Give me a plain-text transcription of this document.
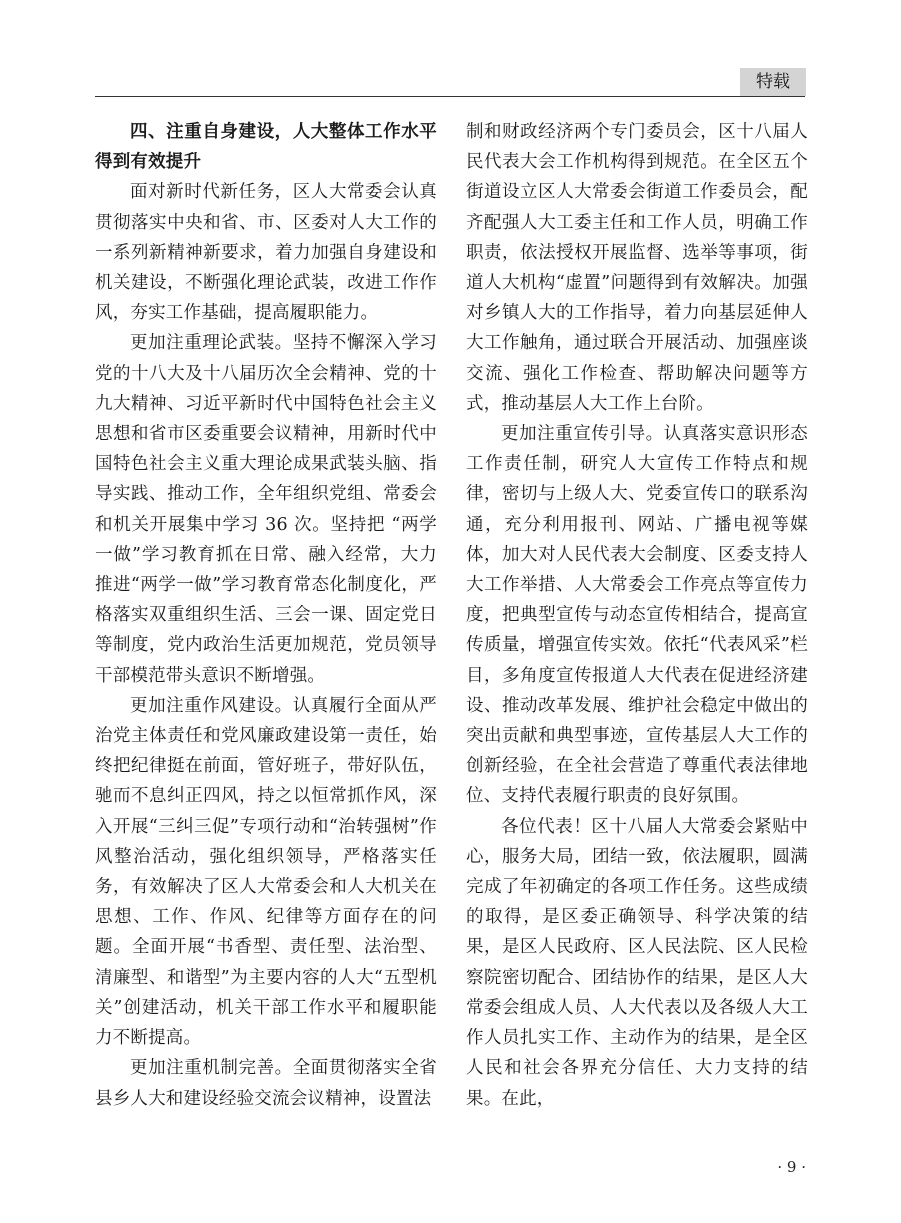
特载
四、注重自身建设，人大整体工作水平得到有效提升

面对新时代新任务，区人大常委会认真贯彻落实中央和省、市、区委对人大工作的一系列新精神新要求，着力加强自身建设和机关建设，不断强化理论武装，改进工作作风，夯实工作基础，提高履职能力。

更加注重理论武装。坚持不懈深入学习党的十八大及十八届历次全会精神、党的十九大精神、习近平新时代中国特色社会主义思想和省市区委重要会议精神，用新时代中国特色社会主义重大理论成果武装头脑、指导实践、推动工作，全年组织党组、常委会和机关开展集中学习 36 次。坚持把 “两学一做”学习教育抓在日常、融入经常，大力推进“两学一做”学习教育常态化制度化，严格落实双重组织生活、三会一课、固定党日等制度，党内政治生活更加规范，党员领导干部模范带头意识不断增强。

更加注重作风建设。认真履行全面从严治党主体责任和党风廉政建设第一责任，始终把纪律挺在前面，管好班子，带好队伍，驰而不息纠正四风，持之以恒常抓作风，深入开展“三纠三促”专项行动和“治转强树”作风整治活动，强化组织领导，严格落实任务，有效解决了区人大常委会和人大机关在思想、工作、作风、纪律等方面存在的问题。全面开展“书香型、责任型、法治型、清廉型、和谐型”为主要内容的人大“五型机关”创建活动，机关干部工作水平和履职能力不断提高。

更加注重机制完善。全面贯彻落实全省县乡人大和建设经验交流会议精神，设置法

制和财政经济两个专门委员会，区十八届人民代表大会工作机构得到规范。在全区五个街道设立区人大常委会街道工作委员会，配齐配强人大工委主任和工作人员，明确工作职责，依法授权开展监督、选举等事项，街道人大机构“虚置”问题得到有效解决。加强对乡镇人大的工作指导，着力向基层延伸人大工作触角，通过联合开展活动、加强座谈交流、强化工作检查、帮助解决问题等方式，推动基层人大工作上台阶。

更加注重宣传引导。认真落实意识形态工作责任制，研究人大宣传工作特点和规律，密切与上级人大、党委宣传口的联系沟通，充分利用报刊、网站、广播电视等媒体，加大对人民代表大会制度、区委支持人大工作举措、人大常委会工作亮点等宣传力度，把典型宣传与动态宣传相结合，提高宣传质量，增强宣传实效。依托“代表风采”栏目，多角度宣传报道人大代表在促进经济建设、推动改革发展、维护社会稳定中做出的突出贡献和典型事迹，宣传基层人大工作的创新经验，在全社会营造了尊重代表法律地位、支持代表履行职责的良好氛围。

各位代表！区十八届人大常委会紧贴中心，服务大局，团结一致，依法履职，圆满完成了年初确定的各项工作任务。这些成绩的取得，是区委正确领导、科学决策的结果，是区人民政府、区人民法院、区人民检察院密切配合、团结协作的结果，是区人大常委会组成人员、人大代表以及各级人大工作人员扎实工作、主动作为的结果，是全区人民和社会各界充分信任、大力支持的结果。在此，

· 9 ·
